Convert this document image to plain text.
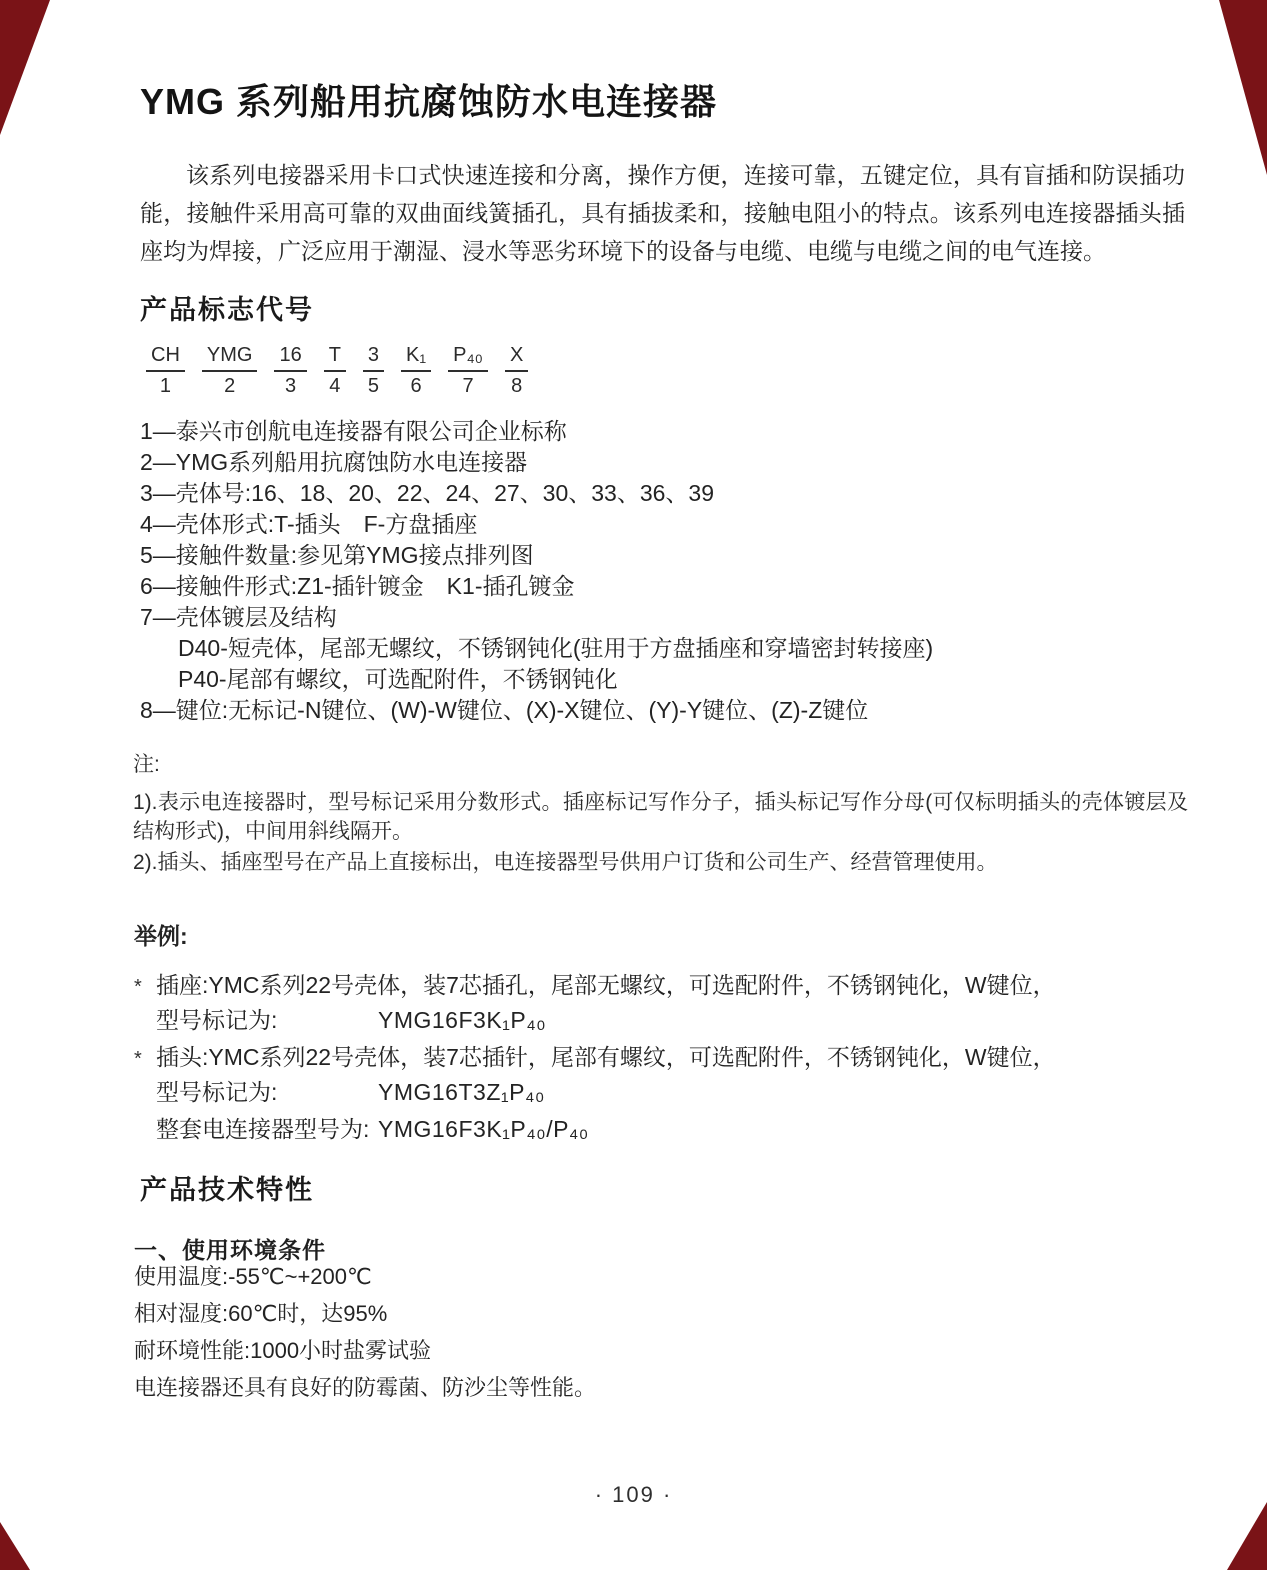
YMG 系列船用抗腐蚀防水电连接器

该系列电接器采用卡口式快速连接和分离，操作方便，连接可靠，五键定位，具有盲插和防误插功能，接触件采用高可靠的双曲面线簧插孔，具有插拔柔和，接触电阻小的特点。该系列电连接器插头插座均为焊接，广泛应用于潮湿、浸水等恶劣环境下的设备与电缆、电缆与电缆之间的电气连接。

产品标志代号
$\frac{CH}{1} \frac{\text{YMG}}{2} \frac{16}{3} \frac{T}{4} \frac{3}{5} \frac{\text{K₁}}{6} \frac{\text{P₄₀}}{7} \frac{X}{8}$
1—泰兴市创航电连接器有限公司企业标称
2—YMG系列船用抗腐蚀防水电连接器
3—壳体号:16、18、20、22、24、27、30、33、36、39
4—壳体形式:T-插头　F-方盘插座
5—接触件数量:参见第YMG接点排列图
6—接触件形式:Z1-插针镀金　K1-插孔镀金
7—壳体镀层及结构
D40-短壳体，尾部无螺纹，不锈钢钝化(驻用于方盘插座和穿墙密封转接座)
P40-尾部有螺纹，可选配附件，不锈钢钝化
8—键位:无标记-N键位、(W)-W键位、(X)-X键位、(Y)-Y键位、(Z)-Z键位
注:

1).表示电连接器时，型号标记采用分数形式。插座标记写作分子，插头标记写作分母(可仅标明插头的壳体镀层及结构形式)，中间用斜线隔开。

2).插头、插座型号在产品上直接标出，电连接器型号供用户订货和公司生产、经营管理使用。

举例:
* 插座:YMC系列22号壳体，装7芯插孔，尾部无螺纹，可选配附件，不锈钢钝化，W键位，
型号标记为:	YMG16F3K₁P₄₀
* 插头:YMC系列22号壳体，装7芯插针，尾部有螺纹，可选配附件，不锈钢钝化，W键位，
型号标记为:	YMG16T3Z₁P₄₀
整套电连接器型号为: YMG16F3K₁P₄₀/P₄₀
产品技术特性
一、使用环境条件
使用温度:-55℃~+200℃
相对湿度:60℃时，达95%
耐环境性能:1000小时盐雾试验
电连接器还具有良好的防霉菌、防沙尘等性能。
· 109 ·
